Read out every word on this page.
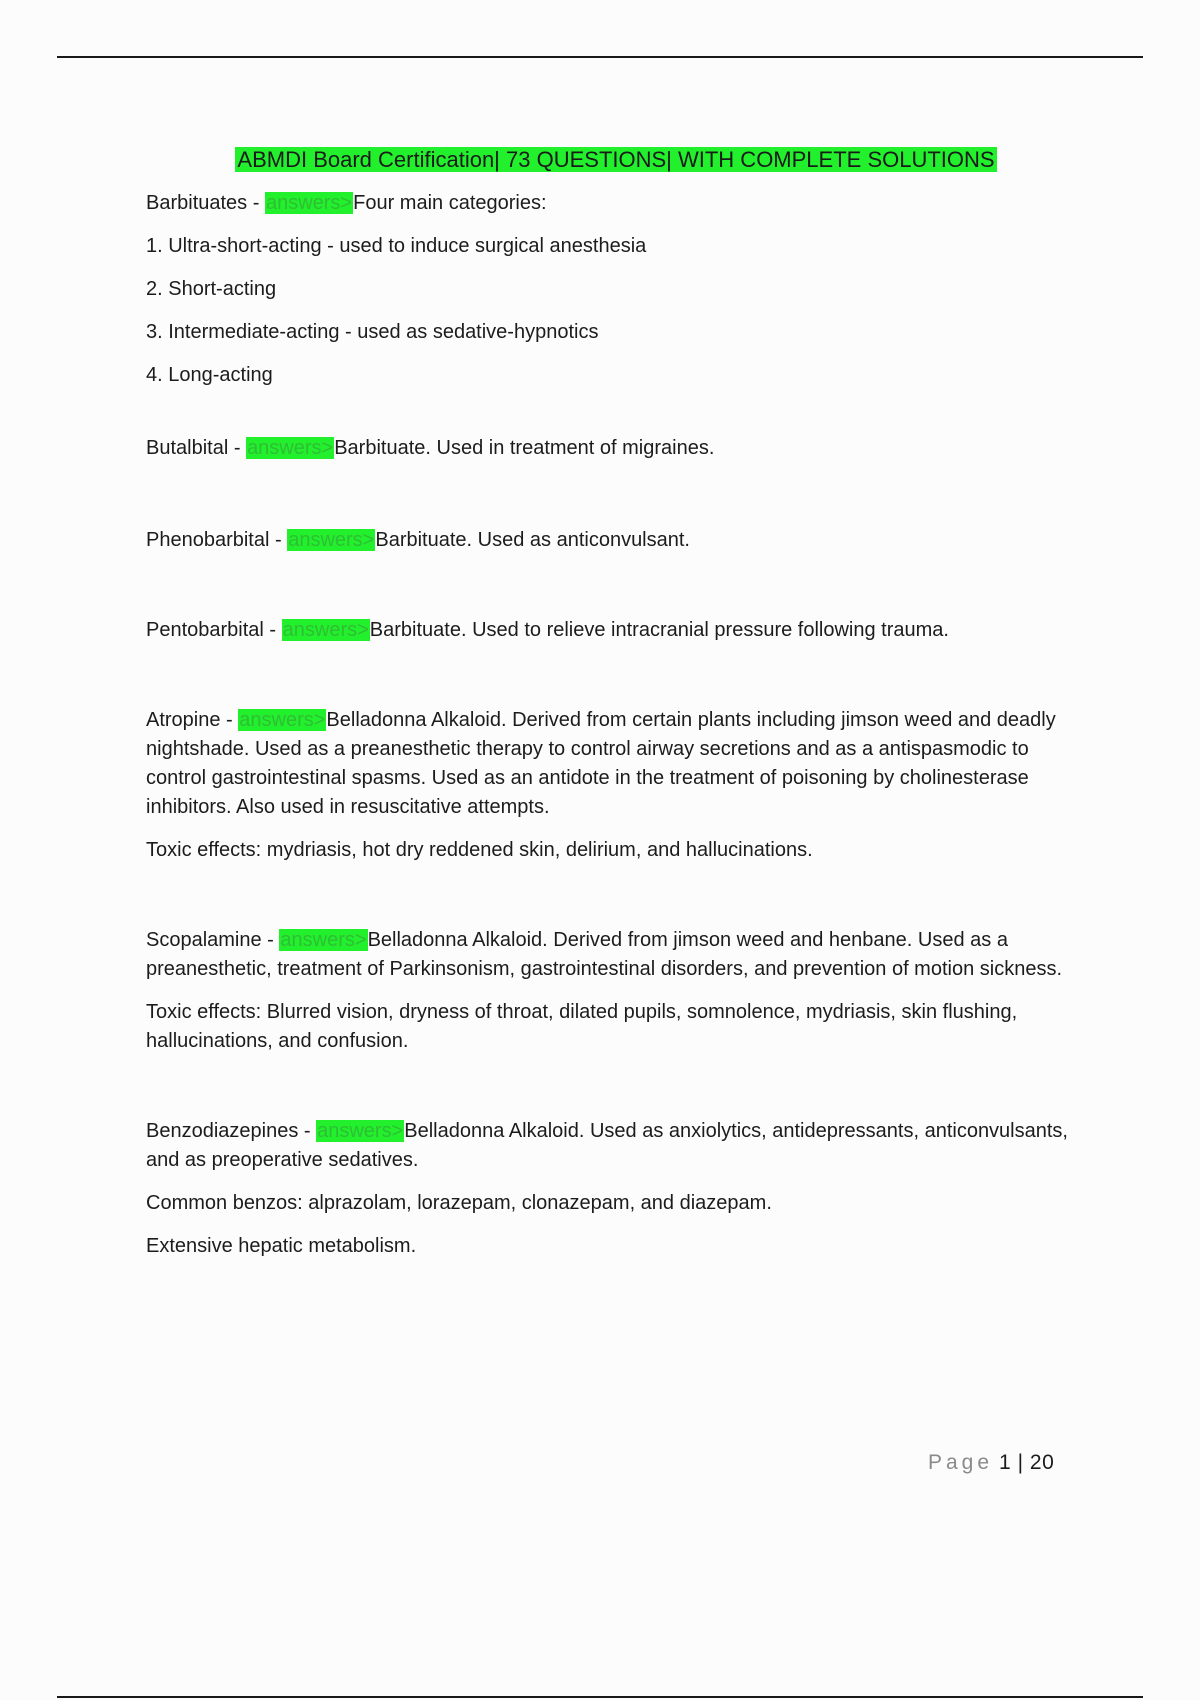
ABMDI Board Certification| 73 QUESTIONS| WITH COMPLETE SOLUTIONS

Barbituates - answers>Four main categories:

1. Ultra-short-acting - used to induce surgical anesthesia

2. Short-acting

3. Intermediate-acting - used as sedative-hypnotics

4. Long-acting

Butalbital - answers>Barbituate. Used in treatment of migraines.

Phenobarbital - answers>Barbituate. Used as anticonvulsant.

Pentobarbital - answers>Barbituate. Used to relieve intracranial pressure following trauma.

Atropine - answers>Belladonna Alkaloid. Derived from certain plants including jimson weed and deadly nightshade. Used as a preanesthetic therapy to control airway secretions and as a antispasmodic to control gastrointestinal spasms. Used as an antidote in the treatment of poisoning by cholinesterase inhibitors. Also used in resuscitative attempts.

Toxic effects: mydriasis, hot dry reddened skin, delirium, and hallucinations.

Scopalamine - answers>Belladonna Alkaloid. Derived from jimson weed and henbane. Used as a preanesthetic, treatment of Parkinsonism, gastrointestinal disorders, and prevention of motion sickness.

Toxic effects: Blurred vision, dryness of throat, dilated pupils, somnolence, mydriasis, skin flushing, hallucinations, and confusion.

Benzodiazepines - answers>Belladonna Alkaloid. Used as anxiolytics, antidepressants, anticonvulsants, and as preoperative sedatives.

Common benzos: alprazolam, lorazepam, clonazepam, and diazepam.

Extensive hepatic metabolism.

Page 1 | 20
